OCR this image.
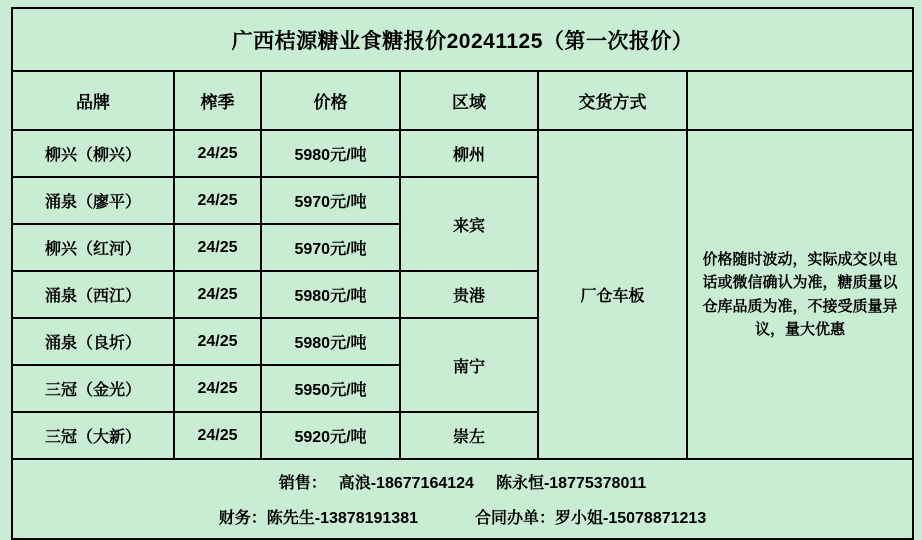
广西桔源糖业食糖报价20241125（第一次报价）					
品牌	榨季	价格	区域	交货方式	
柳兴（柳兴）	24/25	5980元/吨	柳州	厂仓车板	价格随时波动，实际成交以电话或微信确认为准，糖质量以仓库品质为准，不接受质量异议，量大优惠
涌泉（廖平）	24/25	5970元/吨	来宾		
柳兴（红河）	24/25	5970元/吨			
涌泉（西江）	24/25	5980元/吨	贵港		
涌泉（良圻）	24/25	5980元/吨	南宁		
三冠（金光）	24/25	5950元/吨			
三冠（大新）	24/25	5920元/吨	崇左		

销售： 高浪-18677164124 陈永恒-18775378011
财务：陈先生-13878191381 合同办单：罗小姐-15078871213					
